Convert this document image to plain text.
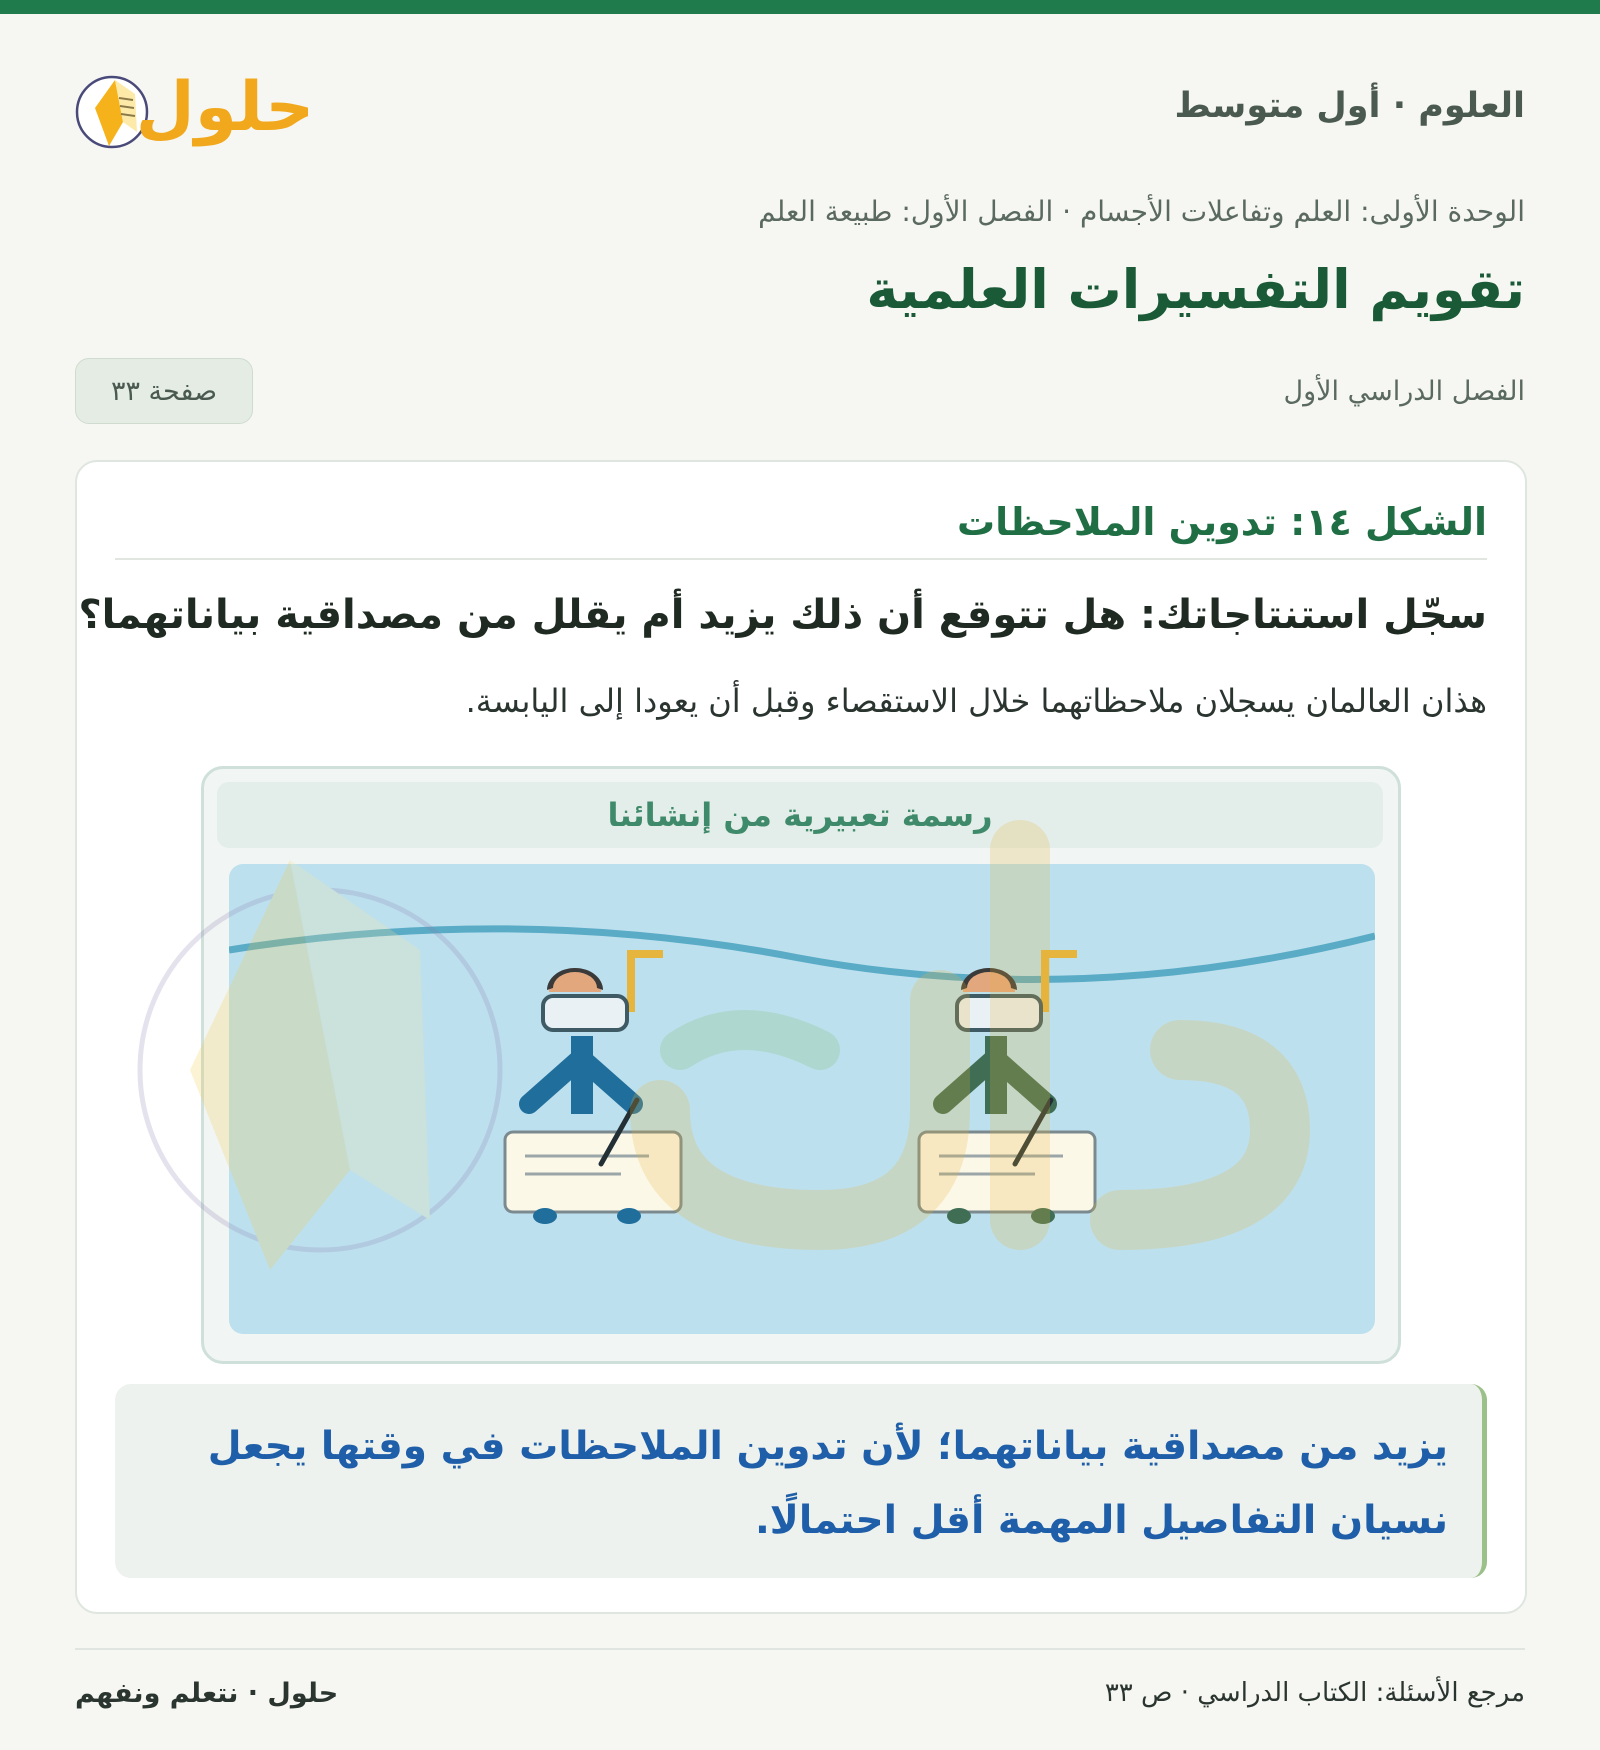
العلوم · أول متوسط
حلول
الوحدة الأولى: العلم وتفاعلات الأجسام · الفصل الأول: طبيعة العلم
تقويم التفسيرات العلمية
الفصل الدراسي الأول
صفحة ٣٣
الشكل ١٤: تدوين الملاحظات
سجّل استنتاجاتك: هل تتوقع أن ذلك يزيد أم يقلل من مصداقية بياناتهما؟
هذان العالمان يسجلان ملاحظاتهما خلال الاستقصاء وقبل أن يعودا إلى اليابسة.
رسمة تعبيرية من إنشائنا
يزيد من مصداقية بياناتهما؛ لأن تدوين الملاحظات في وقتها يجعل نسيان التفاصيل المهمة أقل احتمالًا.
مرجع الأسئلة: الكتاب الدراسي · ص ٣٣
حلول · نتعلم ونفهم
